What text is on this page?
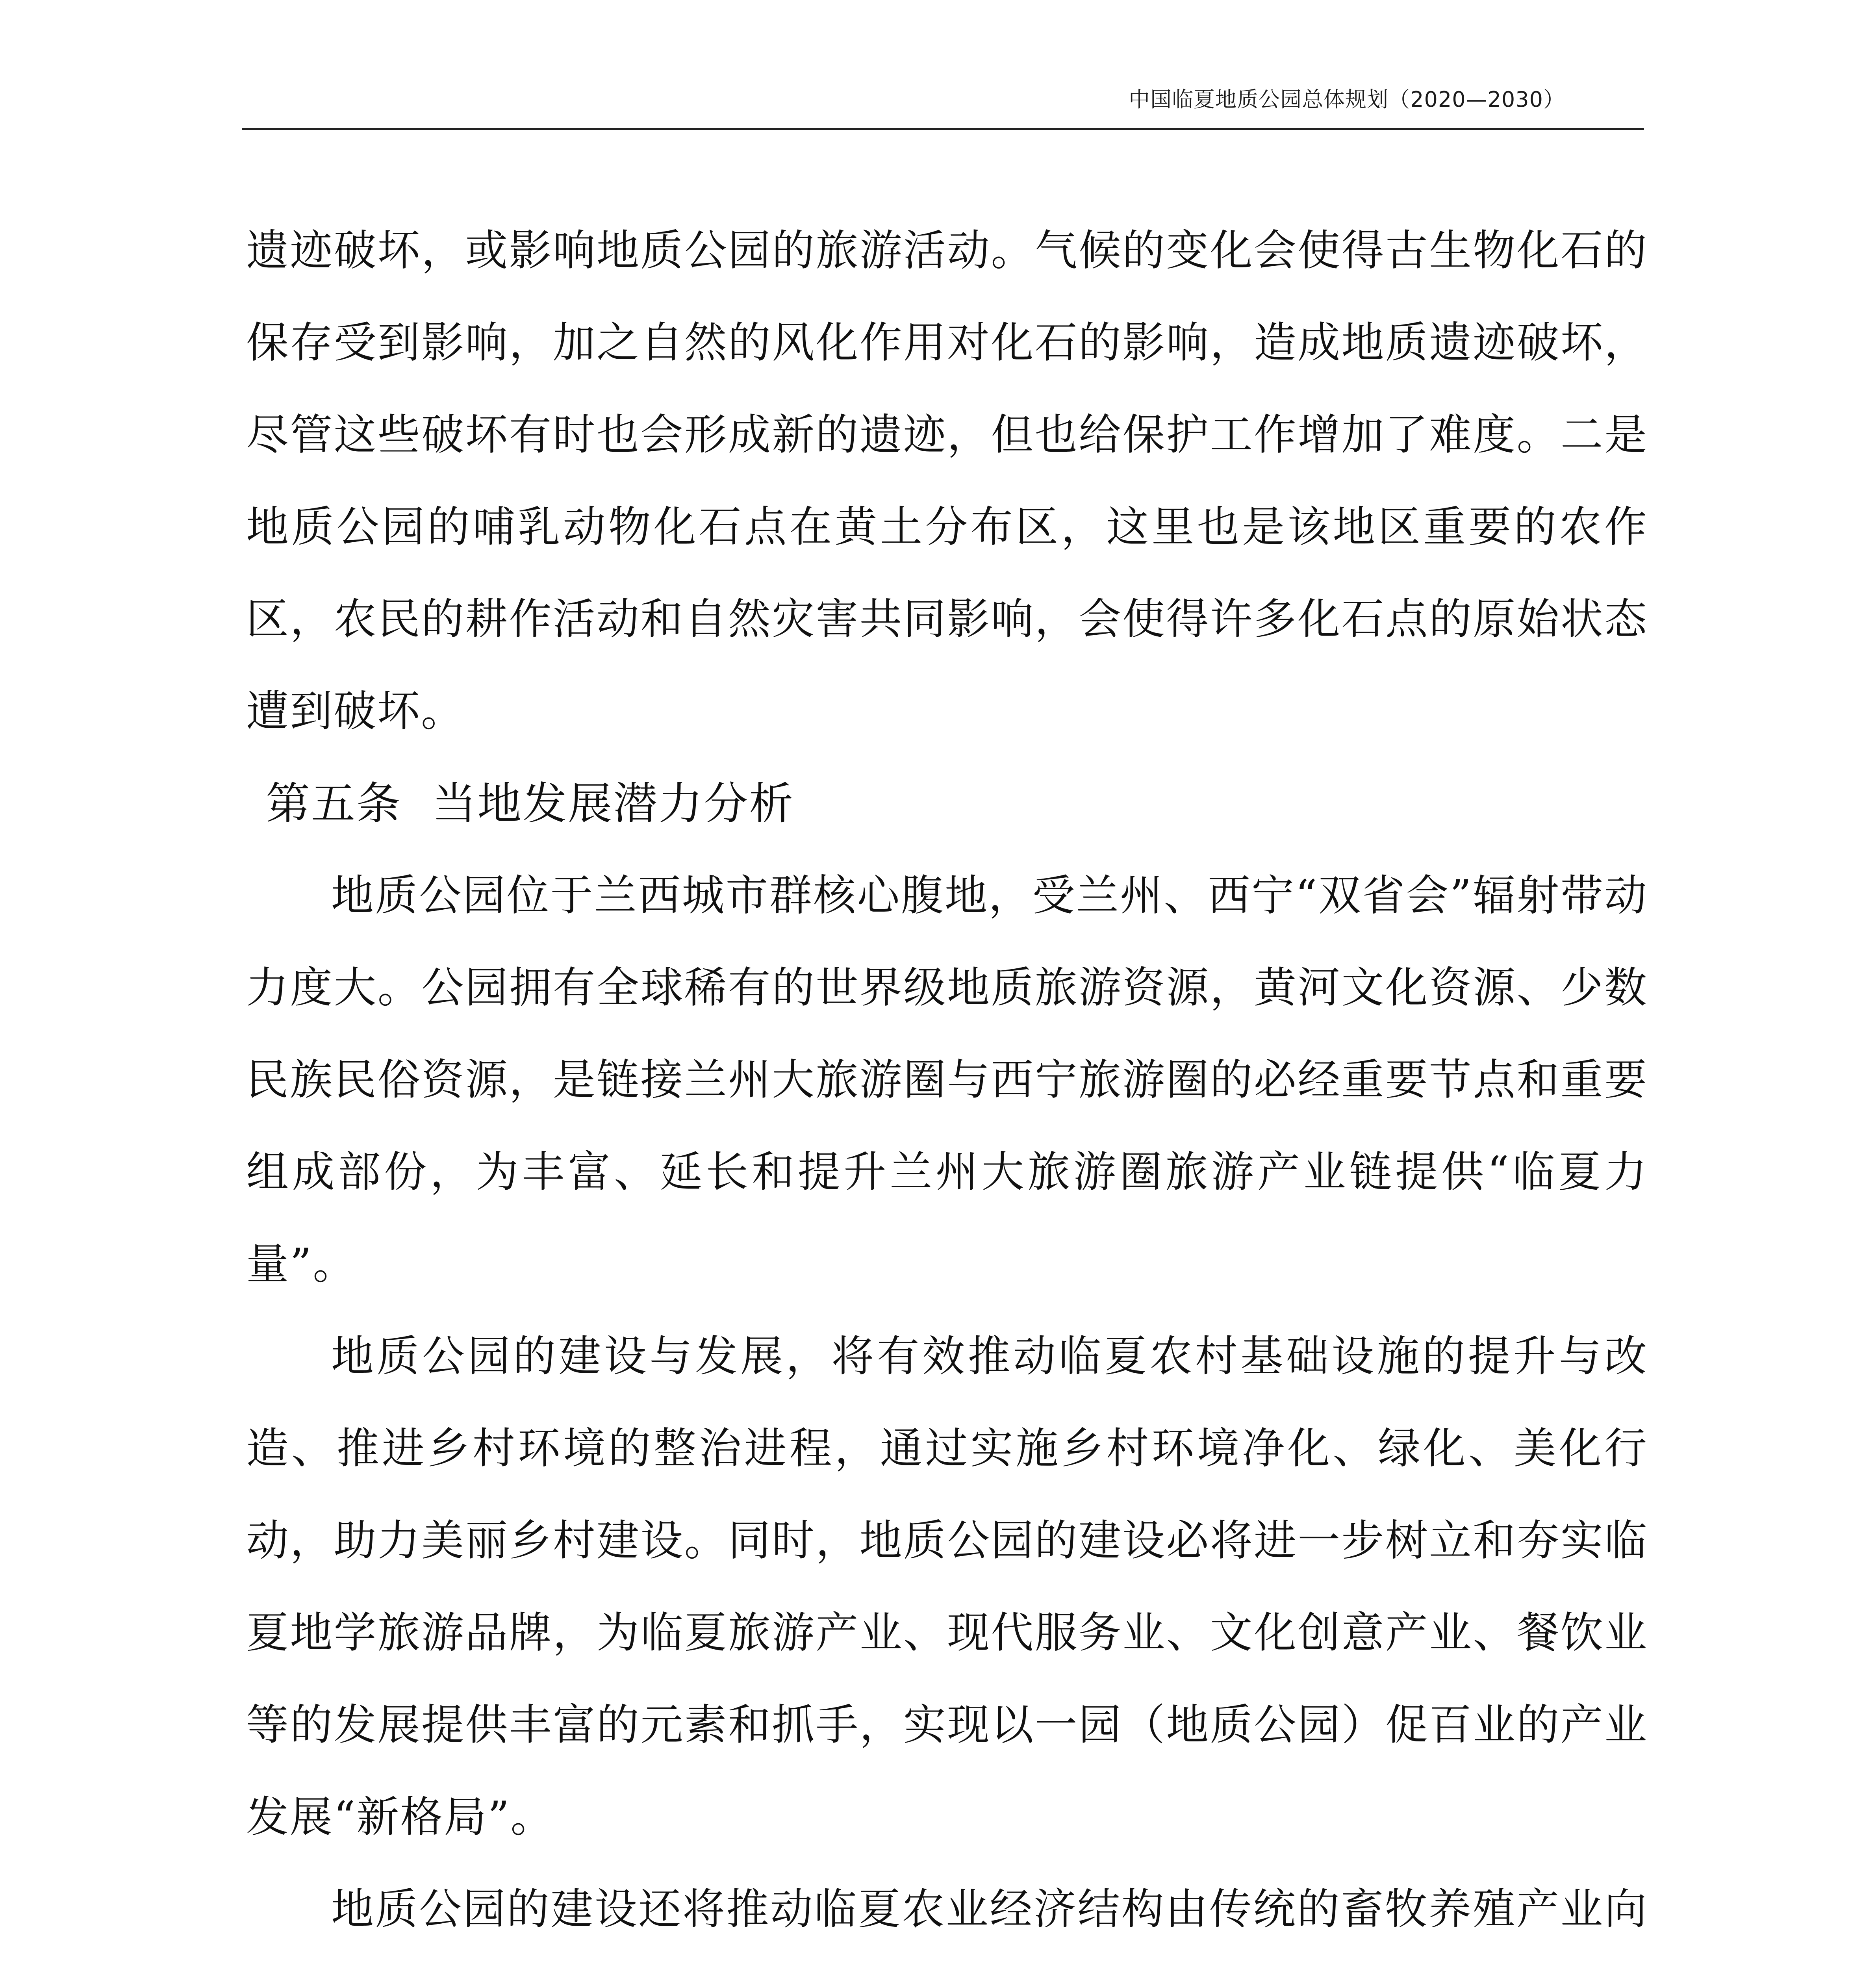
中国临夏地质公园总体规划（2020—2030）

遗迹破坏，或影响地质公园的旅游活动。气候的变化会使得古生物化石的保存受到影响，加之自然的风化作用对化石的影响，造成地质遗迹破坏，尽管这些破坏有时也会形成新的遗迹，但也给保护工作增加了难度。二是地质公园的哺乳动物化石点在黄土分布区，这里也是该地区重要的农作区，农民的耕作活动和自然灾害共同影响，会使得许多化石点的原始状态遭到破坏。

第五条  当地发展潜力分析

地质公园位于兰西城市群核心腹地，受兰州、西宁“双省会”辐射带动力度大。公园拥有全球稀有的世界级地质旅游资源，黄河文化资源、少数民族民俗资源，是链接兰州大旅游圈与西宁旅游圈的必经重要节点和重要组成部份，为丰富、延长和提升兰州大旅游圈旅游产业链提供“临夏力量”。

地质公园的建设与发展，将有效推动临夏农村基础设施的提升与改造、推进乡村环境的整治进程，通过实施乡村环境净化、绿化、美化行动，助力美丽乡村建设。同时，地质公园的建设必将进一步树立和夯实临夏地学旅游品牌，为临夏旅游产业、现代服务业、文化创意产业、餐饮业等的发展提供丰富的元素和抓手，实现以一园（地质公园）促百业的产业发展“新格局”。

地质公园的建设还将推动临夏农业经济结构由传统的畜牧养殖产业向
